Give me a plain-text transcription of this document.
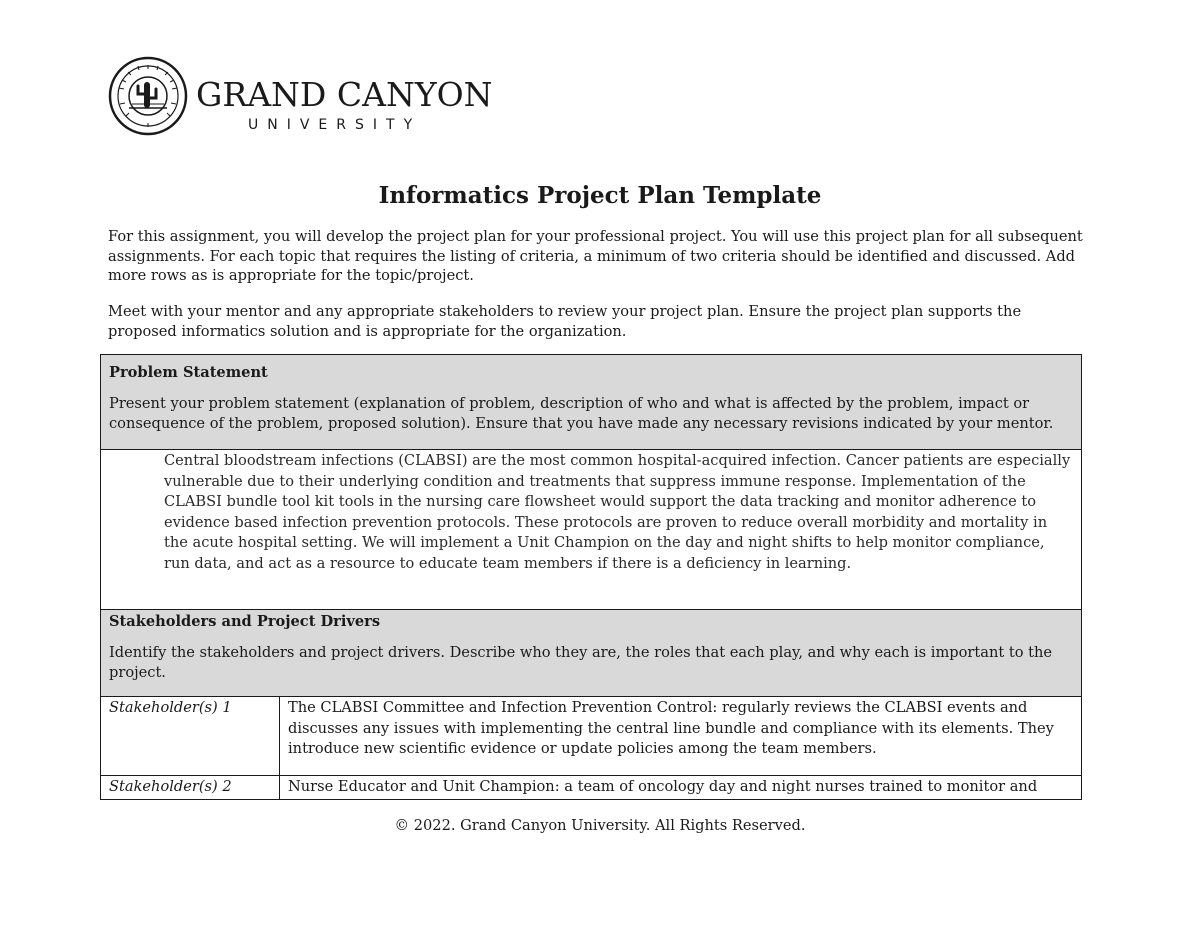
GRAND CANYON
UNIVERSITY
Informatics Project Plan Template

For this assignment, you will develop the project plan for your professional project. You will use this project plan for all subsequent assignments. For each topic that requires the listing of criteria, a minimum of two criteria should be identified and discussed. Add more rows as is appropriate for the topic/project.

Meet with your mentor and any appropriate stakeholders to review your project plan. Ensure the project plan supports the proposed informatics solution and is appropriate for the organization.

Problem Statement

Present your problem statement (explanation of problem, description of who and what is affected by the problem, impact or consequence of the problem, proposed solution). Ensure that you have made any necessary revisions indicated by your mentor.

Central bloodstream infections (CLABSI) are the most common hospital-acquired infection. Cancer patients are especially vulnerable due to their underlying condition and treatments that suppress immune response. Implementation of the CLABSI bundle tool kit tools in the nursing care flowsheet would support the data tracking and monitor adherence to evidence based infection prevention protocols. These protocols are proven to reduce overall morbidity and mortality in the acute hospital setting. We will implement a Unit Champion on the day and night shifts to help monitor compliance, run data, and act as a resource to educate team members if there is a deficiency in learning.

Stakeholders and Project Drivers

Identify the stakeholders and project drivers. Describe who they are, the roles that each play, and why each is important to the project.

Stakeholder(s) 1	The CLABSI Committee and Infection Prevention Control: regularly reviews the CLABSI events and discusses any issues with implementing the central line bundle and compliance with its elements. They introduce new scientific evidence or update policies among the team members.
Stakeholder(s) 2	Nurse Educator and Unit Champion: a team of oncology day and night nurses trained to monitor and
© 2022. Grand Canyon University. All Rights Reserved.
